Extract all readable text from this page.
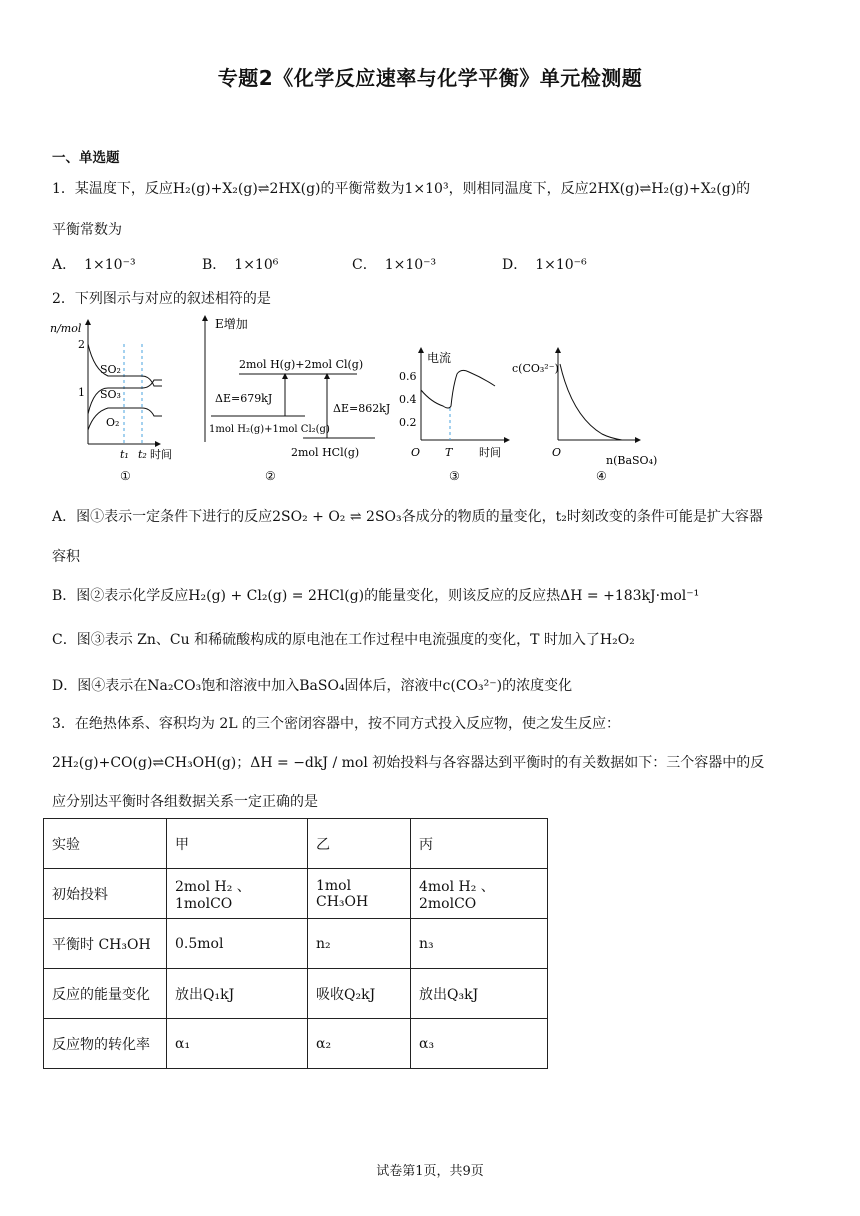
专题2《化学反应速率与化学平衡》单元检测题
一、单选题
1．某温度下，反应H₂(g)+X₂(g)⇌2HX(g)的平衡常数为1×10³，则相同温度下，反应2HX(g)⇌H₂(g)+X₂(g)的
平衡常数为
A． 1×10⁻³	B． 1×10⁶	C． 1×10⁻³	D． 1×10⁻⁶
2．下列图示与对应的叙述相符的是
n/mol
2
1
SO₂
SO₃
O₂
t₁ t₂ 时间
①
E增加
2mol H(g)+2mol Cl(g)
1mol H₂(g)+1mol Cl₂(g)
ΔE=679kJ
2mol HCl(g)
ΔE=862kJ
②
电流
0.6
0.4
0.2
O T 时间
③
c(CO₃²⁻)
O
n(BaSO₄)
④
A．图①表示一定条件下进行的反应2SO₂ + O₂ ⇌ 2SO₃各成分的物质的量变化，t₂时刻改变的条件可能是扩大容器
容积
B．图②表示化学反应H₂(g) + Cl₂(g) = 2HCl(g)的能量变化，则该反应的反应热ΔH = +183kJ·mol⁻¹
C．图③表示 Zn、Cu 和稀硫酸构成的原电池在工作过程中电流强度的变化，T 时加入了H₂O₂
D．图④表示在Na₂CO₃饱和溶液中加入BaSO₄固体后，溶液中c(CO₃²⁻)的浓度变化
3．在绝热体系、容积均为 2L 的三个密闭容器中，按不同方式投入反应物，使之发生反应：
2H₂(g)+CO(g)⇌CH₃OH(g)；ΔH = −dkJ / mol 初始投料与各容器达到平衡时的有关数据如下：三个容器中的反
应分别达平衡时各组数据关系一定正确的是
实验	甲	乙	丙
初始投料	2mol H₂ 、1molCO	1mol CH₃OH	4mol H₂ 、2molCO
平衡时 CH₃OH	0.5mol	n₂	n₃
反应的能量变化	放出Q₁kJ	吸收Q₂kJ	放出Q₃kJ
反应物的转化率	α₁	α₂	α₃
试卷第1页，共9页
